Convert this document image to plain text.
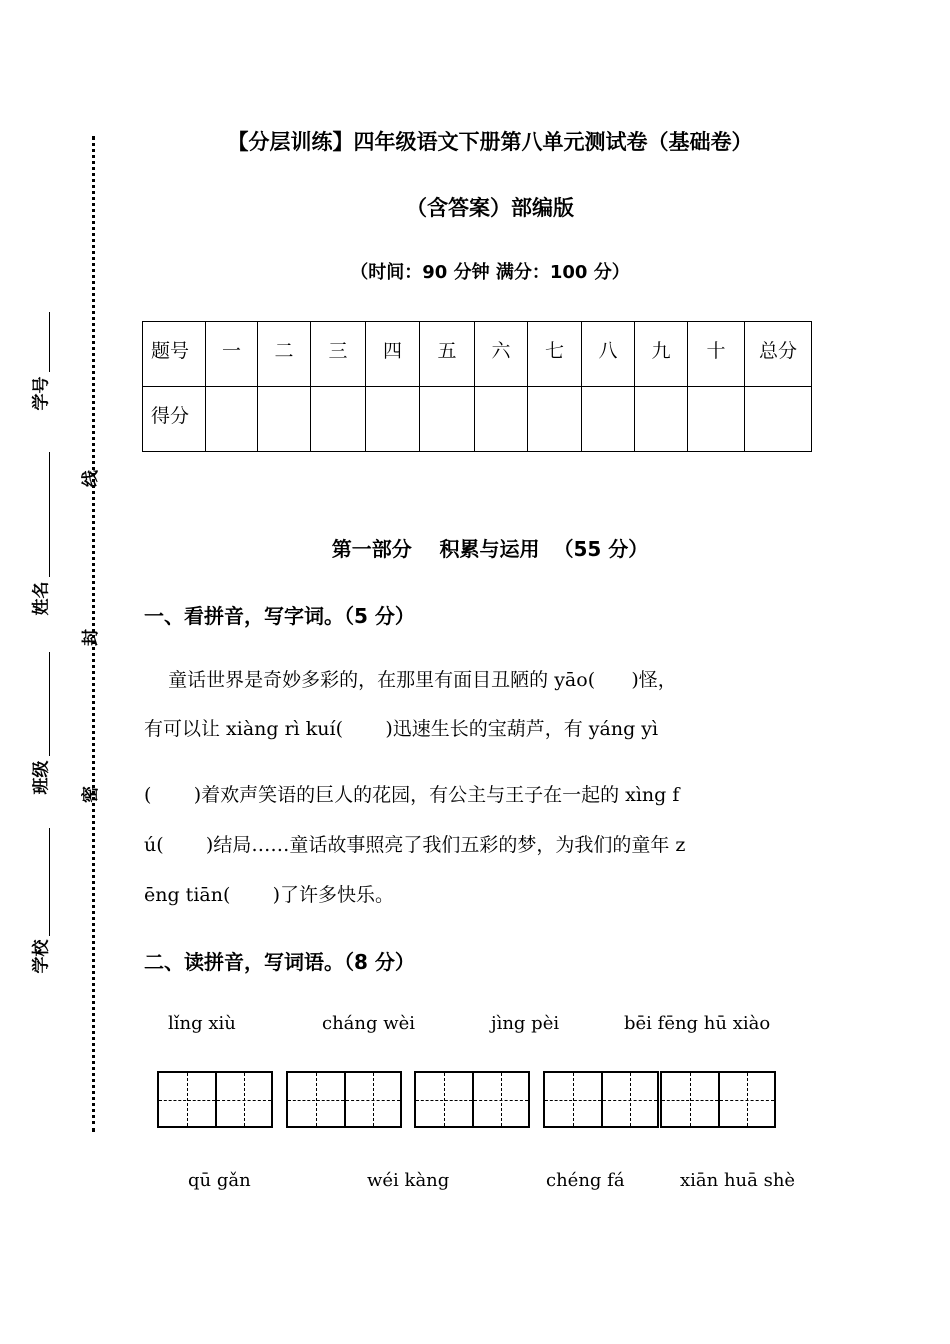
【分层训练】四年级语文下册第八单元测试卷（基础卷）
（含答案）部编版
（时间：90 分钟 满分：100 分）
题号	一	二	三	四	五	六	七	八	九	十	总分
得分											
学号
姓名
班级
学校
线
封
密
第一部分    积累与运用  （55 分）
一、看拼音，写字词。（5 分）
童话世界是奇妙多彩的，在那里有面目丑陋的 yāo(      )怪，
有可以让 xiàng rì kuí(       )迅速生长的宝葫芦，有 yáng yì
(       )着欢声笑语的巨人的花园，有公主与王子在一起的 xìng f
ú(       )结局……童话故事照亮了我们五彩的梦，为我们的童年 z
ēng tiān(       )了许多快乐。
二、读拼音，写词语。（8 分）
lǐng xiù	cháng wèi	jìng pèi	bēi fēng hū xiào
qū gǎn	wéi kàng	chéng fá	xiān huā shè
